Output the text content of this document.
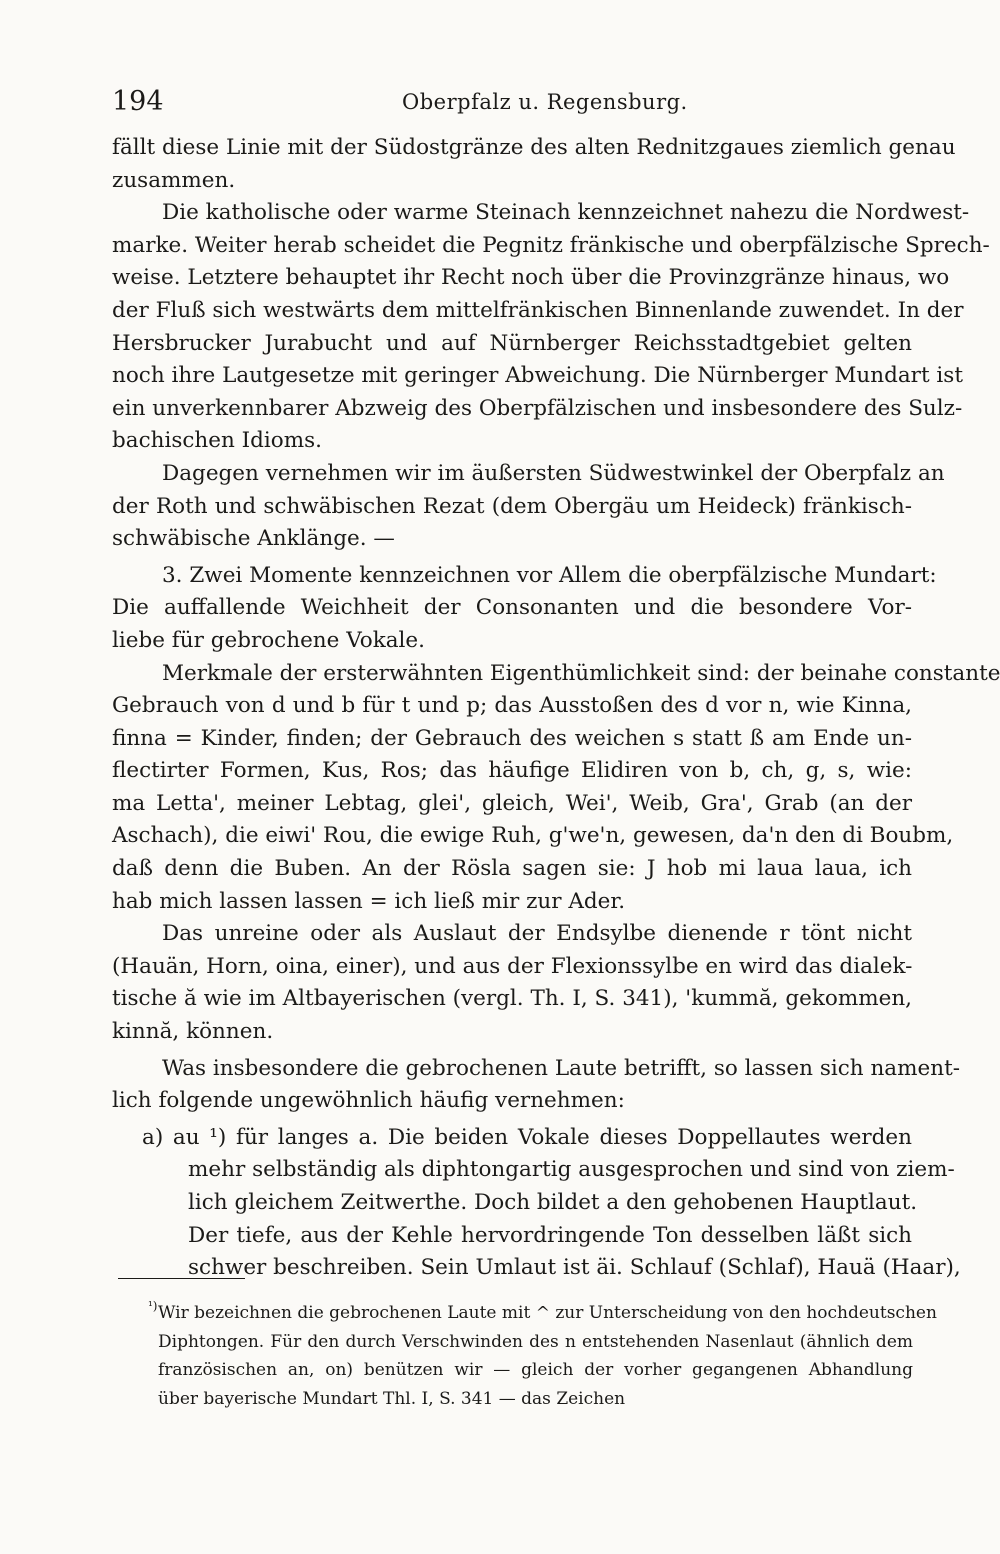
194	Oberpfalz u. Regensburg.
fällt diese Linie mit der Südostgränze des alten Rednitzgaues ziemlich genau
zusammen.
Die katholische oder warme Steinach kennzeichnet nahezu die Nordwest-
marke. Weiter herab scheidet die Pegnitz fränkische und oberpfälzische Sprech-
weise. Letztere behauptet ihr Recht noch über die Provinzgränze hinaus, wo
der Fluß sich westwärts dem mittelfränkischen Binnenlande zuwendet. In der
Hersbrucker Jurabucht und auf Nürnberger Reichsstadtgebiet gelten
noch ihre Lautgesetze mit geringer Abweichung. Die Nürnberger Mundart ist
ein unverkennbarer Abzweig des Oberpfälzischen und insbesondere des Sulz-
bachischen Idioms.
Dagegen vernehmen wir im äußersten Südwestwinkel der Oberpfalz an
der Roth und schwäbischen Rezat (dem Obergäu um Heideck) fränkisch-
schwäbische Anklänge. —
3. Zwei Momente kennzeichnen vor Allem die oberpfälzische Mundart:
Die auffallende Weichheit der Consonanten und die besondere Vor-
liebe für gebrochene Vokale.
Merkmale der ersterwähnten Eigenthümlichkeit sind: der beinahe constante
Gebrauch von d und b für t und p; das Ausstoßen des d vor n, wie Kinna,
finna = Kinder, finden; der Gebrauch des weichen s statt ß am Ende un-
flectirter Formen, Kus, Ros; das häufige Elidiren von b, ch, g, s, wie:
ma Letta', meiner Lebtag, glei', gleich, Wei', Weib, Gra', Grab (an der
Aschach), die eiwi' Rou, die ewige Ruh, g'we'n, gewesen, da'n den di Boubm,
daß denn die Buben. An der Rösla sagen sie: J hob mi laua laua, ich
hab mich lassen lassen = ich ließ mir zur Ader.
Das unreine oder als Auslaut der Endsylbe dienende r tönt nicht
(Hauän, Horn, oina, einer), und aus der Flexionssylbe en wird das dialek-
tische ă wie im Altbayerischen (vergl. Th. I, S. 341), 'kummă, gekommen,
kinnă, können.
Was insbesondere die gebrochenen Laute betrifft, so lassen sich nament-
lich folgende ungewöhnlich häufig vernehmen:
a) au ¹) für langes a. Die beiden Vokale dieses Doppellautes werden
mehr selbständig als diphtongartig ausgesprochen und sind von ziem-
lich gleichem Zeitwerthe. Doch bildet a den gehobenen Hauptlaut.
Der tiefe, aus der Kehle hervordringende Ton desselben läßt sich
schwer beschreiben. Sein Umlaut ist äi. Schlauf (Schlaf), Hauä (Haar),
¹) Wir bezeichnen die gebrochenen Laute mit ^ zur Unterscheidung von den hochdeutschen
Diphtongen. Für den durch Verschwinden des n entstehenden Nasenlaut (ähnlich dem
französischen an, on) benützen wir — gleich der vorher gegangenen Abhandlung
über bayerische Mundart Thl. I, S. 341 — das Zeichen
